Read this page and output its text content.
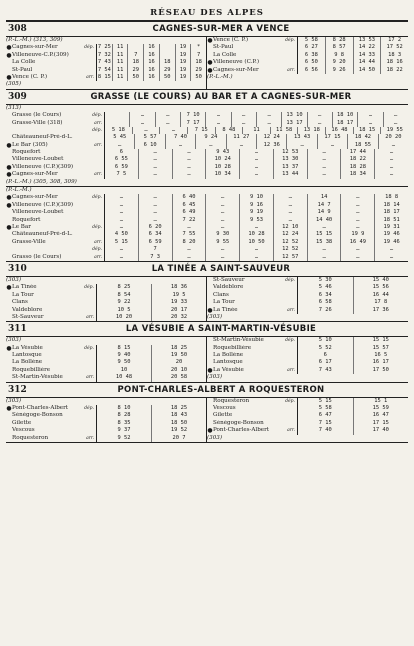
RÉSEAU DES ALPES
308	CAGNES-SUR-MER A VENCE
(P.-L.-M.) (313, 309)
● Cagnes-sur-Mer	dép. 7 25	11	16	19	*
● Villeneuve-C.P.(309)	7 32	11	7	16	19	7
La Colle	7 43	11	18	16	18	19	18
St-Paul	7 54	11	29	16	29	19	29
● Vence (C. P.)	arr. 8 15	11	50	16	50	19	50
(305)
● Vence (C. P.)	dép.	5 58	8 28	13 53	17 2
St-Paul	6 27	8 57	14 22	17 52
La Colle	6 38	9 8	14 33	18 3
● Villeneuve (C.P.)	6 50	9 20	14 44	18 16
● Cagnes-sur-Mer	arr.	6 56	9 26	14 50	18 22
(P.-L.-M.)
309	GRASSE (LE COURS) AU BAR ET A CAGNES-SUR-MER
(313)
Grasse (le Cours)	dép.	…	…	7 10	…	…	…	13 10	…	18 10	…	…
Grasse-Ville (318)	arr.	…	…	7 17	…	…	…	13 17	…	18 17	…	…
dép.	5 18	…	…	7 15	8 48	11	11 58	13 18	16 48	18 15	19 55
Châteauneuf-Pré-d-L.	5 45	5 57	7 40	9 24	11 27	12 24	13 43	17 15	18 42	20 20
● Le Bar (305)	arr.	…	6 10	…	…	…	12 36	…	…	18 55	…
Roquefort	6	…	…	9 43	…	12 53	…	17 44	…
Villeneuve-Loubet	6 55	…	…	10 24	…	13 30	…	18 22	…
● Villeneuve (C.P.)(309)	6 59	…	…	10 28	…	13 37	…	18 28	…
● Cagnes-sur-Mer	arr.	7 5	…	…	10 34	…	13 44	…	18 34	…
(P.-L.-M.) (305, 308, 309)
(P.-L.-M.)
● Cagnes-sur-Mer	dép.	…	…	6 40	…	9 10	…	14	…	18 8
● Villeneuve (C.P.)(309)	…	…	6 45	…	9 16	…	14 7	…	18 14
Villeneuve-Loubet	…	…	6 49	…	9 19	…	14 9	…	18 17
Roquefort	…	…	7 22	…	9 53	…	14 40	…	18 51
● Le Bar	dép.	…	6 20	…	…	…	12 10	…	…	19 31
Châteauneuf-Pré-d-L.	4 50	6 34	7 55	9 30	10 28	12 24	15 15	19 9	19 46
Grasse-Ville	arr.	5 15	6 59	8 20	9 55	10 50	12 52	15 38	16 49	19 46
dép.	…	7	…	…	…	12 52	…	…	…
Grasso (le Cours)	arr.	…	7 3	…	…	…	12 57	…	…	…
310	LA TINÉE A SAINT-SAUVEUR
(303)
● La Tinée	dép.	8 25	18 36
La Tour	8 54	19 5
Clans	9 22	19 33
Valdeblore	10 5	20 17
St-Sauveur	arr.	10 20	20 32
St-Sauveur	dép.	5 30	15 40
Valdeblore	5 46	15 56
Clans	6 34	16 44
La Tour	6 58	17 8
● La Tinée	arr.	7 26	17 36
(303)
311	LA VÉSUBIE A SAINT-MARTIN-VÉSUBIE
(303)
● La Vésubie	dép.	8 15	18 25
Lantosque	9 40	19 50
La Bollène	9 50	20
Roquebillière	10	20 10
St-Martin-Vésubie	arr.	10 48	20 58
St-Martin-Vésubie	dép.	5 10	15 15
Roquebillière	5 52	15 57
La Bollène	6	16 5
Lantosque	6 17	16 17
● La Vésubie	arr.	7 43	17 50
(303)
312	PONT-CHARLES-ALBERT A ROQUESTERON
(303)
● Pont-Charles-Albert	dép.	8 10	18 25
Sénégoge-Bonson	8 28	18 43
Gilette	8 35	18 50
Vescous	9 37	19 52
Roquesteron	arr.	9 52	20 7
Roquesteron	dép.	5 15	15 1
Vescous	5 58	15 59
Gilette	6 47	16 47
Sénégoge-Bonson	7 15	17 15
● Pont-Charles-Albert	arr.	7 40	17 40
(303)
